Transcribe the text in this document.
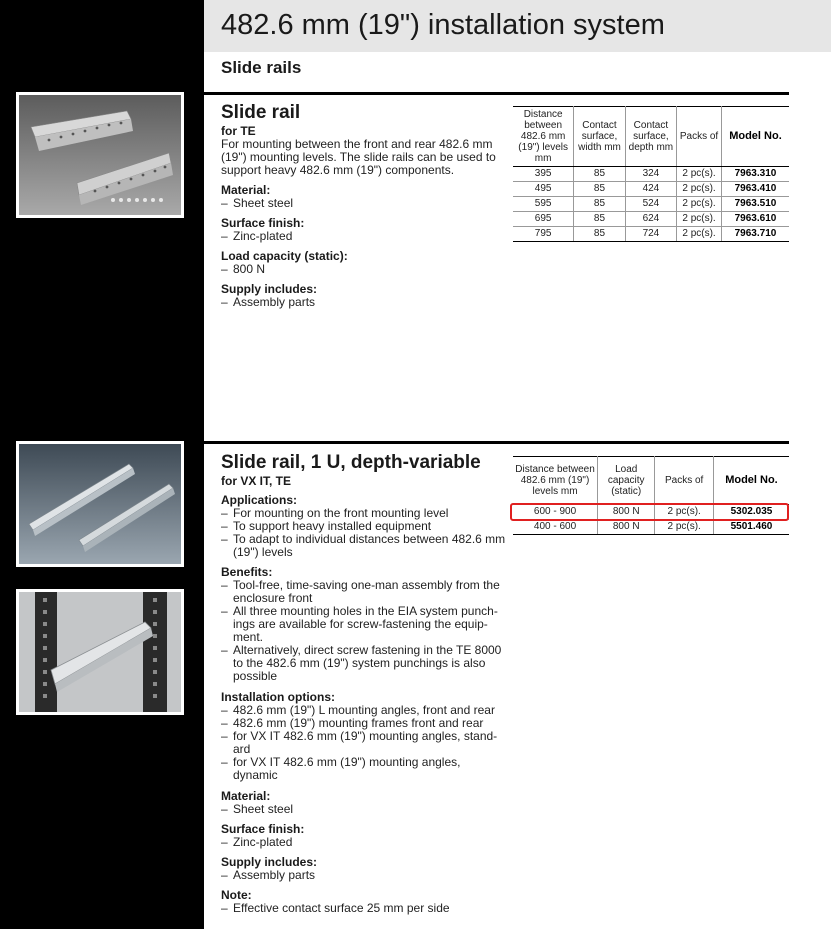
482.6 mm (19") installation system
Slide rails
Slide rail
for TE
For mounting between the front and rear 482.6 mm (19") mounting levels. The slide rails can be used to support heavy 482.6 mm (19") components.
Material:
– Sheet steel
Surface finish:
– Zinc-plated
Load capacity (static):
– 800 N
Supply includes:
– Assembly parts
Distance between 482.6 mm (19") levels mm	Contact surface, width mm	Contact surface, depth mm	Packs of	Model No.
395	85	324	2 pc(s).	7963.310
495	85	424	2 pc(s).	7963.410
595	85	524	2 pc(s).	7963.510
695	85	624	2 pc(s).	7963.610
795	85	724	2 pc(s).	7963.710
Slide rail, 1 U, depth-variable
for VX IT, TE
Applications:
– For mounting on the front mounting level
– To support heavy installed equipment
– To adapt to individual distances between 482.6 mm (19") levels
Benefits:
– Tool-free, time-saving one-man assembly from the enclosure front
– All three mounting holes in the EIA system punch-ings are available for screw-fastening the equip-ment.
– Alternatively, direct screw fastening in the TE 8000 to the 482.6 mm (19") system punchings is also possible
Installation options:
– 482.6 mm (19") L mounting angles, front and rear
– 482.6 mm (19") mounting frames front and rear
– for VX IT 482.6 mm (19") mounting angles, stand-ard
– for VX IT 482.6 mm (19") mounting angles, dynamic
Material:
– Sheet steel
Surface finish:
– Zinc-plated
Supply includes:
– Assembly parts
Note:
– Effective contact surface 25 mm per side
Distance between 482.6 mm (19") levels mm	Load capacity (static)	Packs of	Model No.
600 - 900	800 N	2 pc(s).	5302.035
400 - 600	800 N	2 pc(s).	5501.460
